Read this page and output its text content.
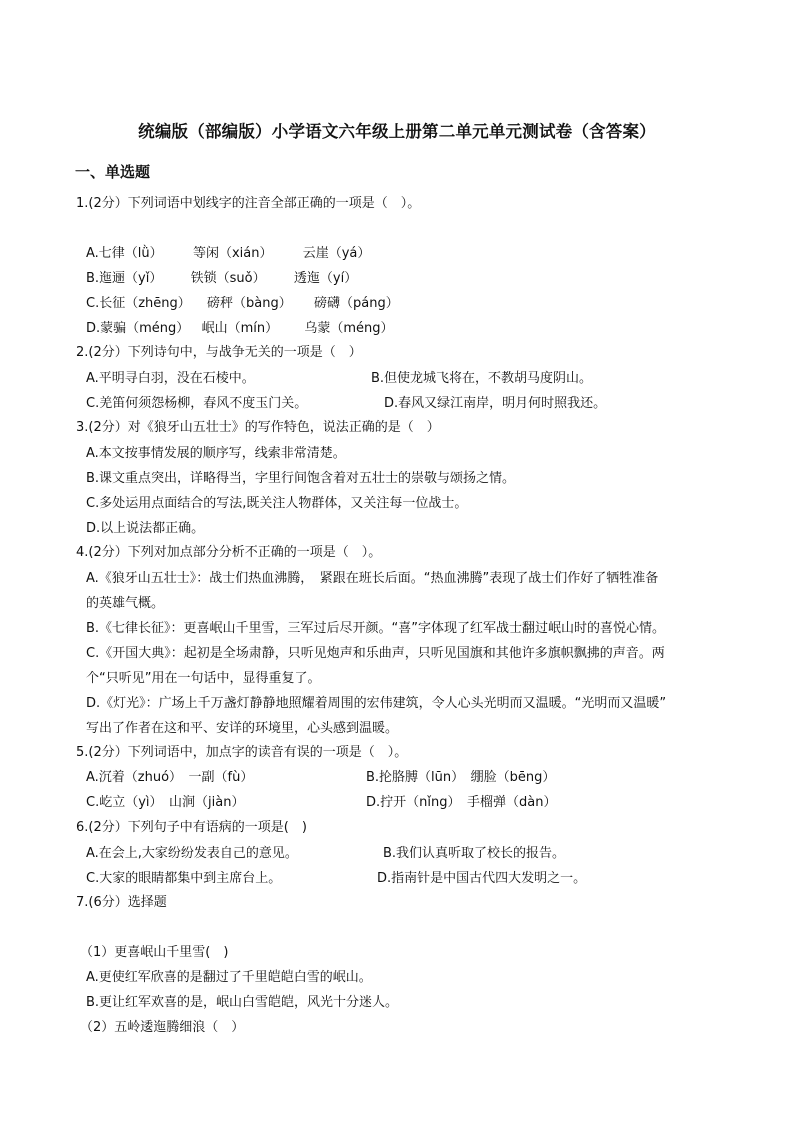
统编版（部编版）小学语文六年级上册第二单元单元测试卷（含答案）
一、单选题
1.(2分）下列词语中划线字的注音全部正确的一项是（　）。
A.七律（lǜ） 等闲（xián） 云崖（yá）
B.迤逦（yǐ） 铁锁（suǒ） 透迤（yí）
C.长征（zhēng） 磅秤（bàng） 磅礴（páng）
D.蒙骗（méng） 岷山（mín） 乌蒙（méng）
2.(2分）下列诗句中，与战争无关的一项是（　）
A.平明寻白羽，没在石棱中。	B.但使龙城飞将在，不教胡马度阴山。
C.羌笛何须怨杨柳，春风不度玉门关。	D.春风又绿江南岸，明月何时照我还。
3.(2分）对《狼牙山五壮士》的写作特色，说法正确的是（　）
A.本文按事情发展的顺序写，线索非常清楚。
B.课文重点突出，详略得当，字里行间饱含着对五壮士的崇敬与颂扬之情。
C.多处运用点面结合的写法,既关注人物群体，又关注每一位战士。
D.以上说法都正确。
4.(2分）下列对加点部分分析不正确的一项是（　）。
A.《狼牙山五壮士》：战士们热血沸腾，　紧跟在班长后面。“热血沸腾”表现了战士们作好了牺牲准备
的英雄气概。
B.《七律长征》：更喜岷山千里雪，三军过后尽开颜。“喜”字体现了红军战士翻过岷山时的喜悦心情。
C.《开国大典》：起初是全场肃静，只听见炮声和乐曲声，只听见国旗和其他许多旗帜飘拂的声音。两
个“只听见”用在一句话中，显得重复了。
D.《灯光》：广场上千万盏灯静静地照耀着周围的宏伟建筑，令人心头光明而又温暖。“光明而又温暖”
写出了作者在这和平、安详的环境里，心头感到温暖。
5.(2分）下列词语中，加点字的读音有误的一项是（　）。
A.沉着（zhuó）　一副（fù）	B.抡胳膊（lūn）　绷脸（bēng）
C.屹立（yì）　山涧（jiàn）	D.拧开（nǐng）　手榴弹（dàn）
6.(2分）下列句子中有语病的一项是(　)
A.在会上,大家纷纷发表自己的意见。	B.我们认真听取了校长的报告。
C.大家的眼睛都集中到主席台上。	D.指南针是中国古代四大发明之一。
7.(6分）选择题
（1）更喜岷山千里雪(　)
A.更使红军欣喜的是翻过了千里皑皑白雪的岷山。
B.更让红军欢喜的是，岷山白雪皑皑，风光十分迷人。
（2）五岭逶迤腾细浪（　）
